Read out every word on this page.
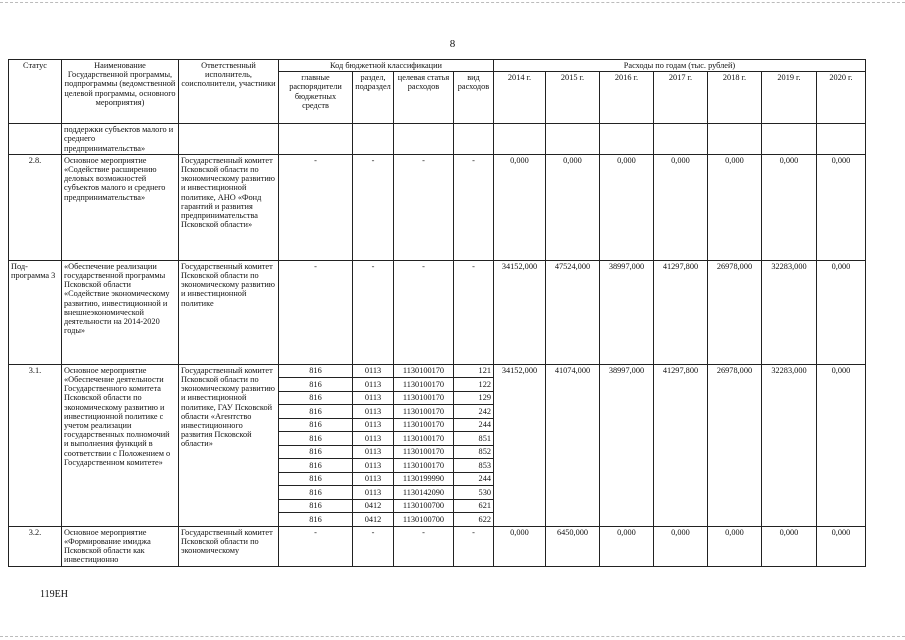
8
Статус	Наименование Государственной программы, подпрограммы (ведомственной целевой программы, основного мероприятия)	Ответственный исполнитель, соисполнители, участники	Код бюджетной классификации				Расходы по годам (тыс. рублей)						
			главные распорядители бюджетных средств	раздел, подраздел	целевая статья расходов	вид расходов	2014 г.	2015 г.	2016 г.	2017 г.	2018 г.	2019 г.	2020 г.
	поддержки субъектов малого и среднего предпринимательства»												
2.8.	Основное мероприятие «Содействие расширению деловых возможностей субъектов малого и среднего предпринимательства»	Государственный комитет Псковской области по экономическому развитию и инвестиционной политике, АНО «Фонд гарантий и развития предпринимательства Псковской области»	-	-	-	-	0,000	0,000	0,000	0,000	0,000	0,000	0,000
Под-программа 3	«Обеспечение реализации государственной программы Псковской области «Содействие экономическому развитию, инвестиционной и внешнеэкономической деятельности на 2014-2020 годы»	Государственный комитет Псковской области по экономическому развитию и инвестиционной политике	-	-	-	-	34152,000	47524,000	38997,000	41297,800	26978,000	32283,000	0,000
3.1.	Основное мероприятие «Обеспечение деятельности Государственного комитета Псковской области по экономическому развитию и инвестиционной политике с учетом реализации государственных полномочий и выполнения функций в соответствии с Положением о Государственном комитете»	Государственный комитет Псковской области по экономическому развитию и инвестиционной политике, ГАУ Псковской области «Агентство инвестиционного развития Псковской области»	816	0113	1130100170	121	34152,000	41074,000	38997,000	41297,800	26978,000	32283,000	0,000
			816	0113	1130100170	122							
			816	0113	1130100170	129							
			816	0113	1130100170	242							
			816	0113	1130100170	244							
			816	0113	1130100170	851							
			816	0113	1130100170	852							
			816	0113	1130100170	853							
			816	0113	1130199990	244							
			816	0113	1130142090	530							
			816	0412	1130100700	621							
			816	0412	1130100700	622							
3.2.	Основное мероприятие «Формирование имиджа Псковской области как инвестиционно	Государственный комитет Псковской области по экономическому	-	-	-	-	0,000	6450,000	0,000	0,000	0,000	0,000	0,000
119ЕН
